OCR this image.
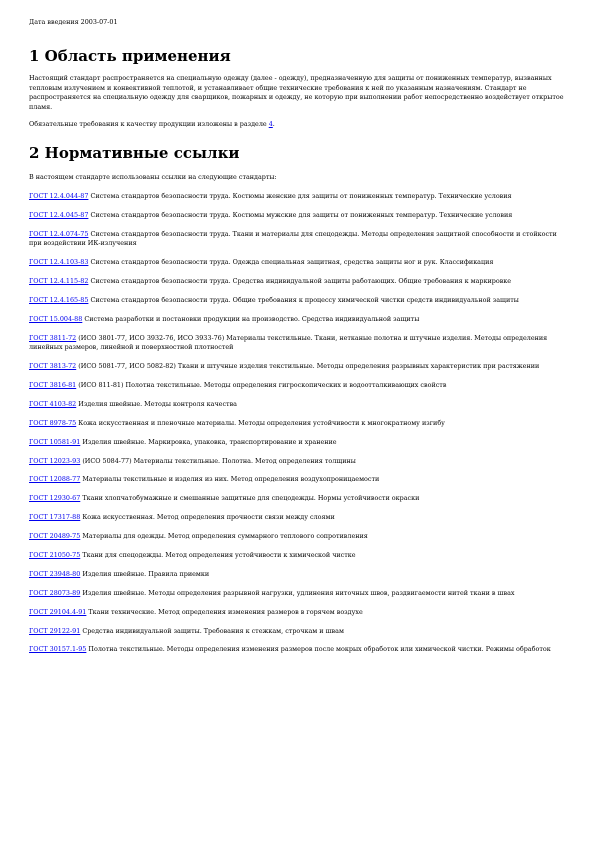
Дата введения 2003-07-01

1 Область применения

Настоящий стандарт распространяется на специальную одежду (далее - одежду), предназначенную для защиты от пониженных температур, вызванных тепловым излучением и конвективной теплотой, и устанавливает общие технические требования к ней по указанным назначениям. Стандарт не распространяется на специальную одежду для сварщиков, пожарных и одежду, не которую при выполнении работ непосредственно воздействует открытое пламя.

Обязательные требования к качеству продукции изложены в разделе 4.

2 Нормативные ссылки

В настоящем стандарте использованы ссылки на следующие стандарты:

ГОСТ 12.4.044-87 Система стандартов безопасности труда. Костюмы женские для защиты от пониженных температур. Технические условия

ГОСТ 12.4.045-87 Система стандартов безопасности труда. Костюмы мужские для защиты от пониженных температур. Технические условия

ГОСТ 12.4.074-75 Система стандартов безопасности труда. Ткани и материалы для спецодежды. Методы определения защитной способности и стойкости при воздействии ИК-излучения

ГОСТ 12.4.103-83 Система стандартов безопасности труда. Одежда специальная защитная, средства защиты ног и рук. Классификация

ГОСТ 12.4.115-82 Система стандартов безопасности труда. Средства индивидуальной защиты работающих. Общие требования к маркировке

ГОСТ 12.4.165-85 Система стандартов безопасности труда. Общие требования к процессу химической чистки средств индивидуальной защиты

ГОСТ 15.004-88 Система разработки и постановки продукции на производство. Средства индивидуальной защиты

ГОСТ 3811-72 (ИСО 3801-77, ИСО 3932-76, ИСО 3933-76) Материалы текстильные. Ткани, нетканые полотна и штучные изделия. Методы определения линейных размеров, линейной и поверхностной плотностей

ГОСТ 3813-72 (ИСО 5081-77, ИСО 5082-82) Ткани и штучные изделия текстильные. Методы определения разрывных характеристик при растяжении

ГОСТ 3816-81 (ИСО 811-81) Полотна текстильные. Методы определения гигроскопических и водоотталкивающих свойств

ГОСТ 4103-82 Изделия швейные. Методы контроля качества

ГОСТ 8978-75 Кожа искусственная и пленочные материалы. Методы определения устойчивости к многократному изгибу

ГОСТ 10581-91 Изделия швейные. Маркировка, упаковка, транспортирование и хранение

ГОСТ 12023-93 (ИСО 5084-77) Материалы текстильные. Полотна. Метод определения толщины

ГОСТ 12088-77 Материалы текстильные и изделия из них. Метод определения воздухопроницаемости

ГОСТ 12930-67 Ткани хлопчатобумажные и смешанные защитные для спецодежды. Нормы устойчивости окраски

ГОСТ 17317-88 Кожа искусственная. Метод определения прочности связи между слоями

ГОСТ 20489-75 Материалы для одежды. Метод определения суммарного теплового сопротивления

ГОСТ 21050-75 Ткани для спецодежды. Метод определения устойчивости к химической чистке

ГОСТ 23948-80 Изделия швейные. Правила приемки

ГОСТ 28073-89 Изделия швейные. Методы определения разрывной нагрузки, удлинения ниточных швов, раздвигаемости нитей ткани в швах

ГОСТ 29104.4-91 Ткани технические. Метод определения изменения размеров в горячем воздухе

ГОСТ 29122-91 Средства индивидуальной защиты. Требования к стежкам, строчкам и швам

ГОСТ 30157.1-95 Полотна текстильные. Методы определения изменения размеров после мокрых обработок или химической чистки. Режимы обработок
